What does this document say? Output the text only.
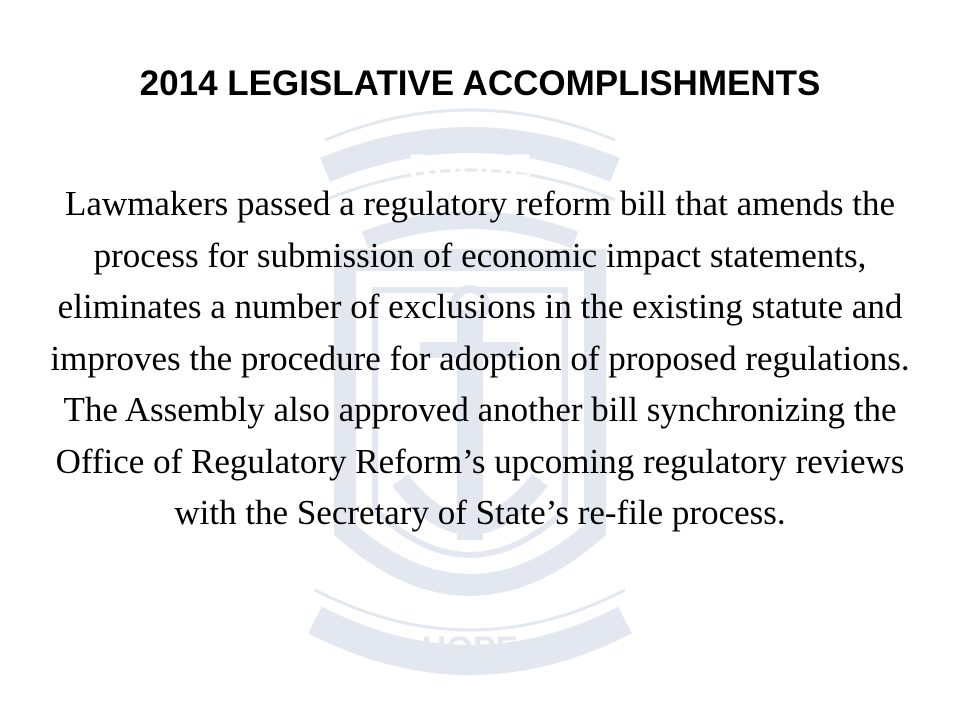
RHODE
HOPE
2014 LEGISLATIVE ACCOMPLISHMENTS

Lawmakers passed a regulatory reform bill that amends the process for submission of economic impact statements, eliminates a number of exclusions in the existing statute and improves the procedure for adoption of proposed regulations. The Assembly also approved another bill synchronizing the Office of Regulatory Reform’s upcoming regulatory reviews with the Secretary of State’s re-file process.
